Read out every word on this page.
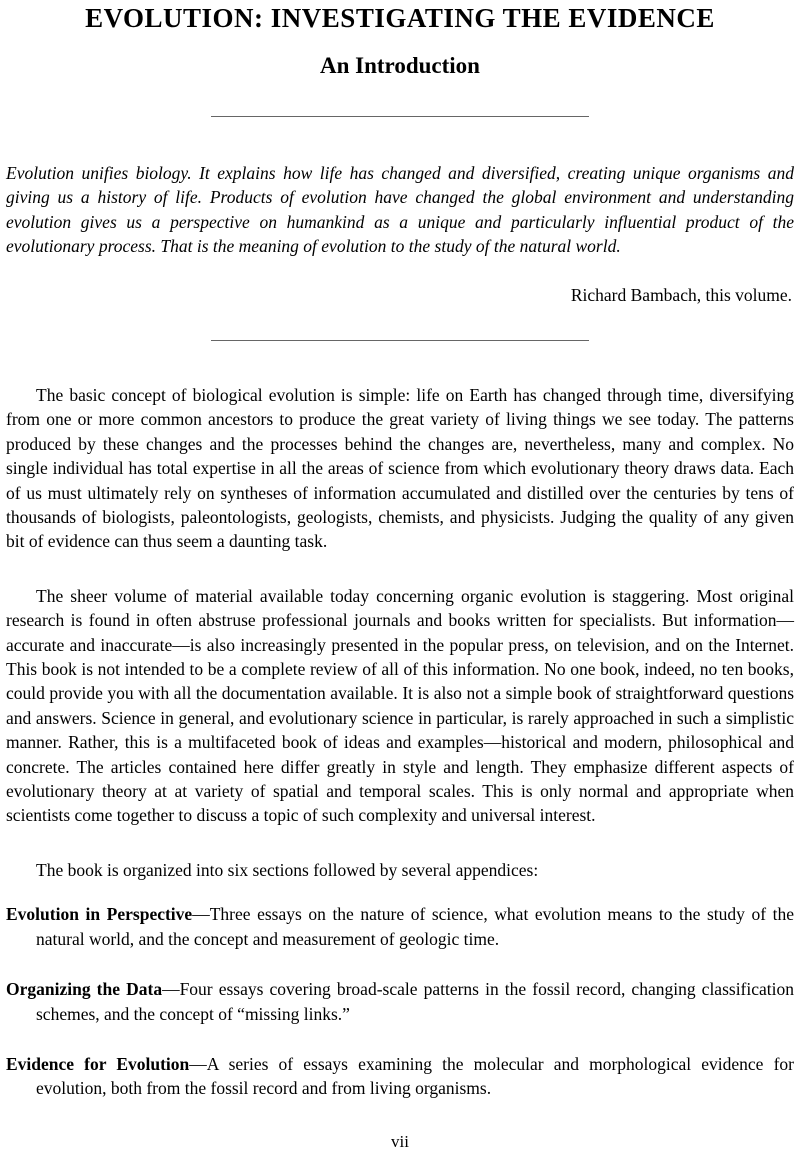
EVOLUTION: INVESTIGATING THE EVIDENCE
An Introduction

Evolution unifies biology. It explains how life has changed and diversified, creating unique organisms and giving us a history of life. Products of evolution have changed the global environment and understanding evolution gives us a perspective on humankind as a unique and particularly influential product of the evolutionary process. That is the meaning of evolution to the study of the natural world.

Richard Bambach, this volume.

The basic concept of biological evolution is simple: life on Earth has changed through time, diversifying from one or more common ancestors to produce the great variety of living things we see today. The patterns produced by these changes and the processes behind the changes are, nevertheless, many and complex. No single individual has total expertise in all the areas of science from which evolutionary theory draws data. Each of us must ultimately rely on syntheses of information accumulated and distilled over the centuries by tens of thousands of biologists, paleontologists, geologists, chemists, and physicists. Judging the quality of any given bit of evidence can thus seem a daunting task.

The sheer volume of material available today concerning organic evolution is staggering. Most original research is found in often abstruse professional journals and books written for specialists. But information—accurate and inaccurate—is also increasingly presented in the popular press, on television, and on the Internet. This book is not intended to be a complete review of all of this information. No one book, indeed, no ten books, could provide you with all the documentation available. It is also not a simple book of straightforward questions and answers. Science in general, and evolutionary science in particular, is rarely approached in such a simplistic manner. Rather, this is a multifaceted book of ideas and examples—historical and modern, philosophical and concrete. The articles contained here differ greatly in style and length. They emphasize different aspects of evolutionary theory at at variety of spatial and temporal scales. This is only normal and appropriate when scientists come together to discuss a topic of such complexity and universal interest.

The book is organized into six sections followed by several appendices:

Evolution in Perspective—Three essays on the nature of science, what evolution means to the study of the natural world, and the concept and measurement of geologic time.

Organizing the Data—Four essays covering broad-scale patterns in the fossil record, changing classification schemes, and the concept of “missing links.”

Evidence for Evolution—A series of essays examining the molecular and morphological evidence for evolution, both from the fossil record and from living organisms.

vii
